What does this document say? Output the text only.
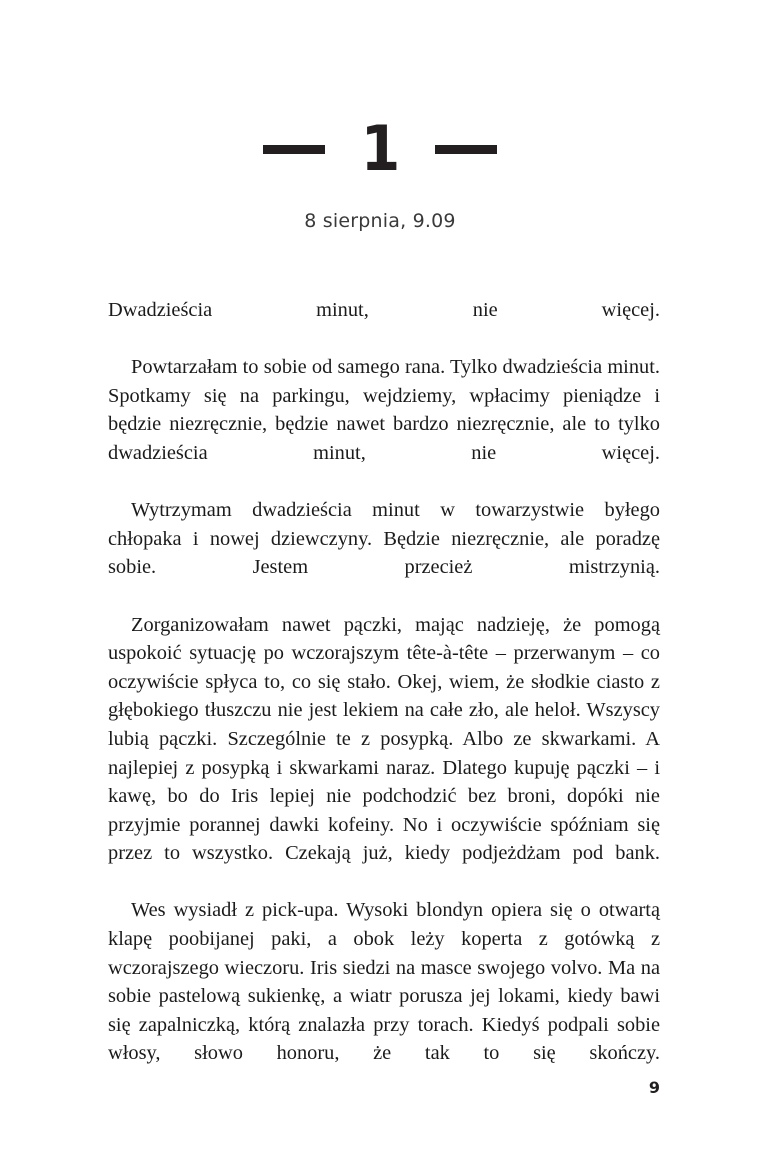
1
8 sierpnia, 9.09

Dwadzieścia minut, nie więcej.

Powtarzałam to sobie od samego rana. Tylko dwadzieścia minut. Spotkamy się na parkingu, wejdziemy, wpłacimy pieniądze i będzie niezręcznie, będzie nawet bardzo niezręcznie, ale to tylko dwadzieścia minut, nie więcej.

Wytrzymam dwadzieścia minut w towarzystwie byłego chłopaka i nowej dziewczyny. Będzie niezręcznie, ale poradzę sobie. Jestem przecież mistrzynią.

Zorganizowałam nawet pączki, mając nadzieję, że pomogą uspokoić sytuację po wczorajszym tête-à-tête – przerwanym – co oczywiście spłyca to, co się stało. Okej, wiem, że słodkie ciasto z głębokiego tłuszczu nie jest lekiem na całe zło, ale heloł. Wszyscy lubią pączki. Szczególnie te z posypką. Albo ze skwarkami. A najlepiej z posypką i skwarkami naraz. Dlatego kupuję pączki – i kawę, bo do Iris lepiej nie podchodzić bez broni, dopóki nie przyjmie porannej dawki kofeiny. No i oczywiście spóźniam się przez to wszystko. Czekają już, kiedy podjeżdżam pod bank.

Wes wysiadł z pick-upa. Wysoki blondyn opiera się o otwartą klapę poobijanej paki, a obok leży koperta z gotówką z wczorajszego wieczoru. Iris siedzi na masce swojego volvo. Ma na sobie pastelową sukienkę, a wiatr porusza jej lokami, kiedy bawi się zapalniczką, którą znalazła przy torach. Kiedyś podpali sobie włosy, słowo honoru, że tak to się skończy.

9
